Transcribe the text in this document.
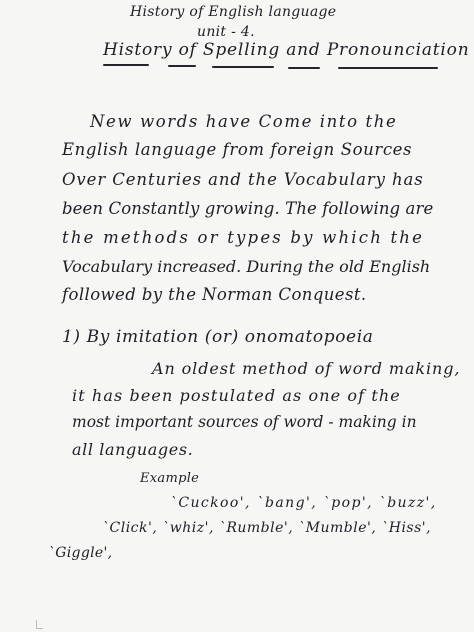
History of English language
unit - 4.
History of Spelling and Pronounciation
New words have Come into the
English language from foreign Sources
Over Centuries and the Vocabulary has
been Constantly growing. The following are
the methods or types by which the
Vocabulary increased. During the old English
followed by the Norman Conquest.
1) By imitation (or) onomatopoeia
An oldest method of word making,
it has been postulated as one of the
most important sources of word - making in
all languages.
Example
`Cuckoo', `bang', `pop', `buzz',
`Click', `whiz', `Rumble', `Mumble', `Hiss',
`Giggle',
